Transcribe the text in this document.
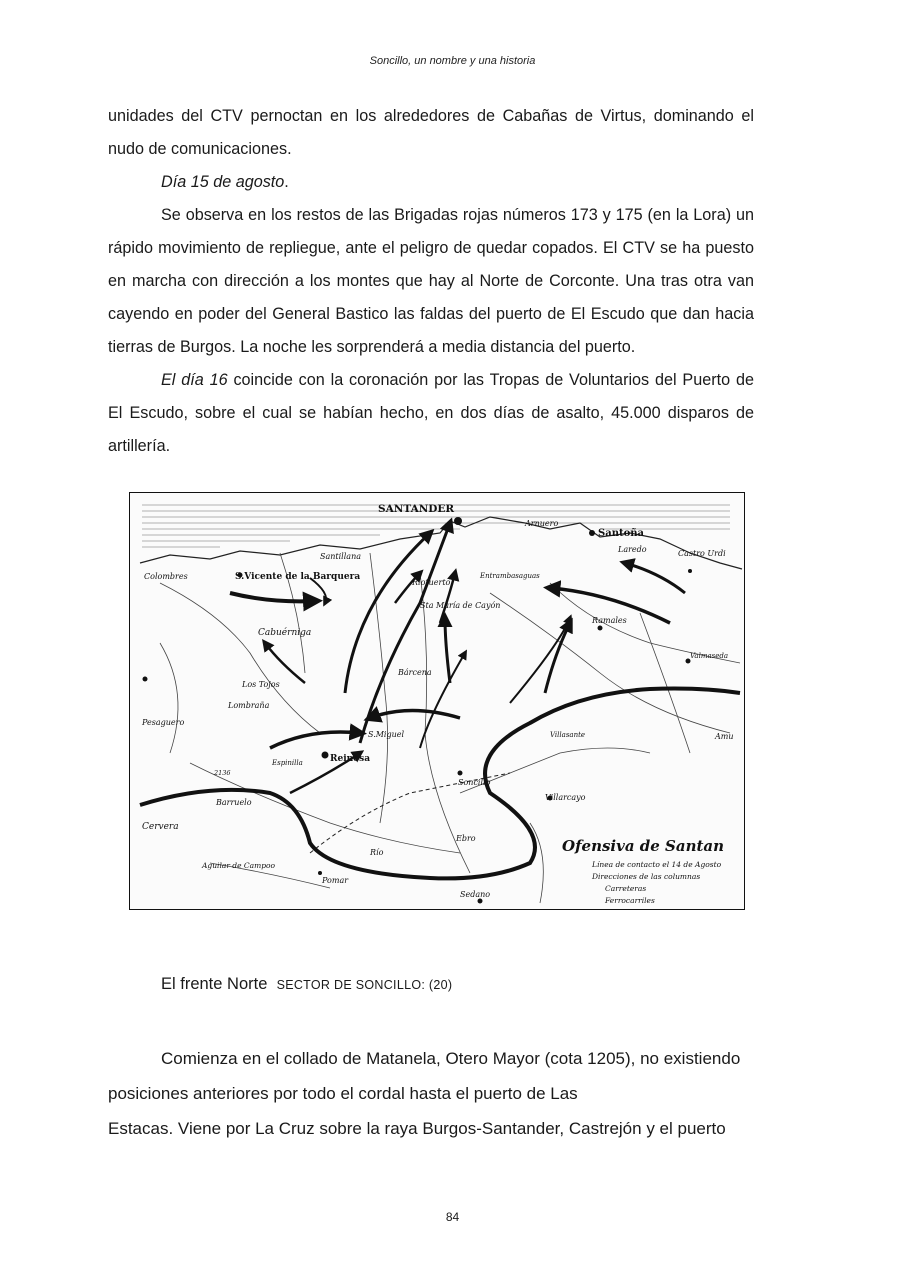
Soncillo, un nombre y una historia

unidades del CTV pernoctan en los alrededores de Cabañas de Virtus, dominando el nudo de comunicaciones.

Día 15 de agosto.

Se observa en los restos de las Brigadas rojas números 173 y 175 (en la Lora) un rápido movimiento de repliegue, ante el peligro de quedar copados. El CTV se ha puesto en marcha con dirección a los montes que hay al Norte de Corconte. Una tras otra van cayendo en poder del General Bastico las faldas del puerto de El Escudo que dan hacia tierras de Burgos. La noche les sorprenderá a media distancia del puerto.

El día 16 coincide con la coronación por las Tropas de Voluntarios del Puerto de El Escudo, sobre el cual se habían hecho, en dos días de asalto, 45.000 disparos de artillería.

SANTANDER
Santoña
Laredo	Castro Urdi
Arnuero
Santillana
Colombres	S.Vicente de la Barquera
Riotuerto
Entrambasaguas
Sta María de Cayón
Ramales
Valmaseda
Cabuérniga
Los Tojos
Lombraña
Bárcena
Pesaguero
S.Miguel
Espinilla	Reinosa
Villasante	Amu
Soncillo
Barruelo
Villarcayo
Cervera
Ebro
Río
Aguilar de Campoo
Pomar
Sedano
2136
Ofensiva de Santan
Línea de contacto el 14 de Agosto
Direcciones de las columnas
Carreteras
Ferrocarriles
El frente Norte SECTOR DE SONCILLO: (20)
Comienza en el collado de Matanela, Otero Mayor (cota 1205), no existiendo
posiciones anteriores por todo el cordal hasta el puerto de Las
Estacas. Viene por La Cruz sobre la raya Burgos-Santander, Castrejón y el puerto
84
